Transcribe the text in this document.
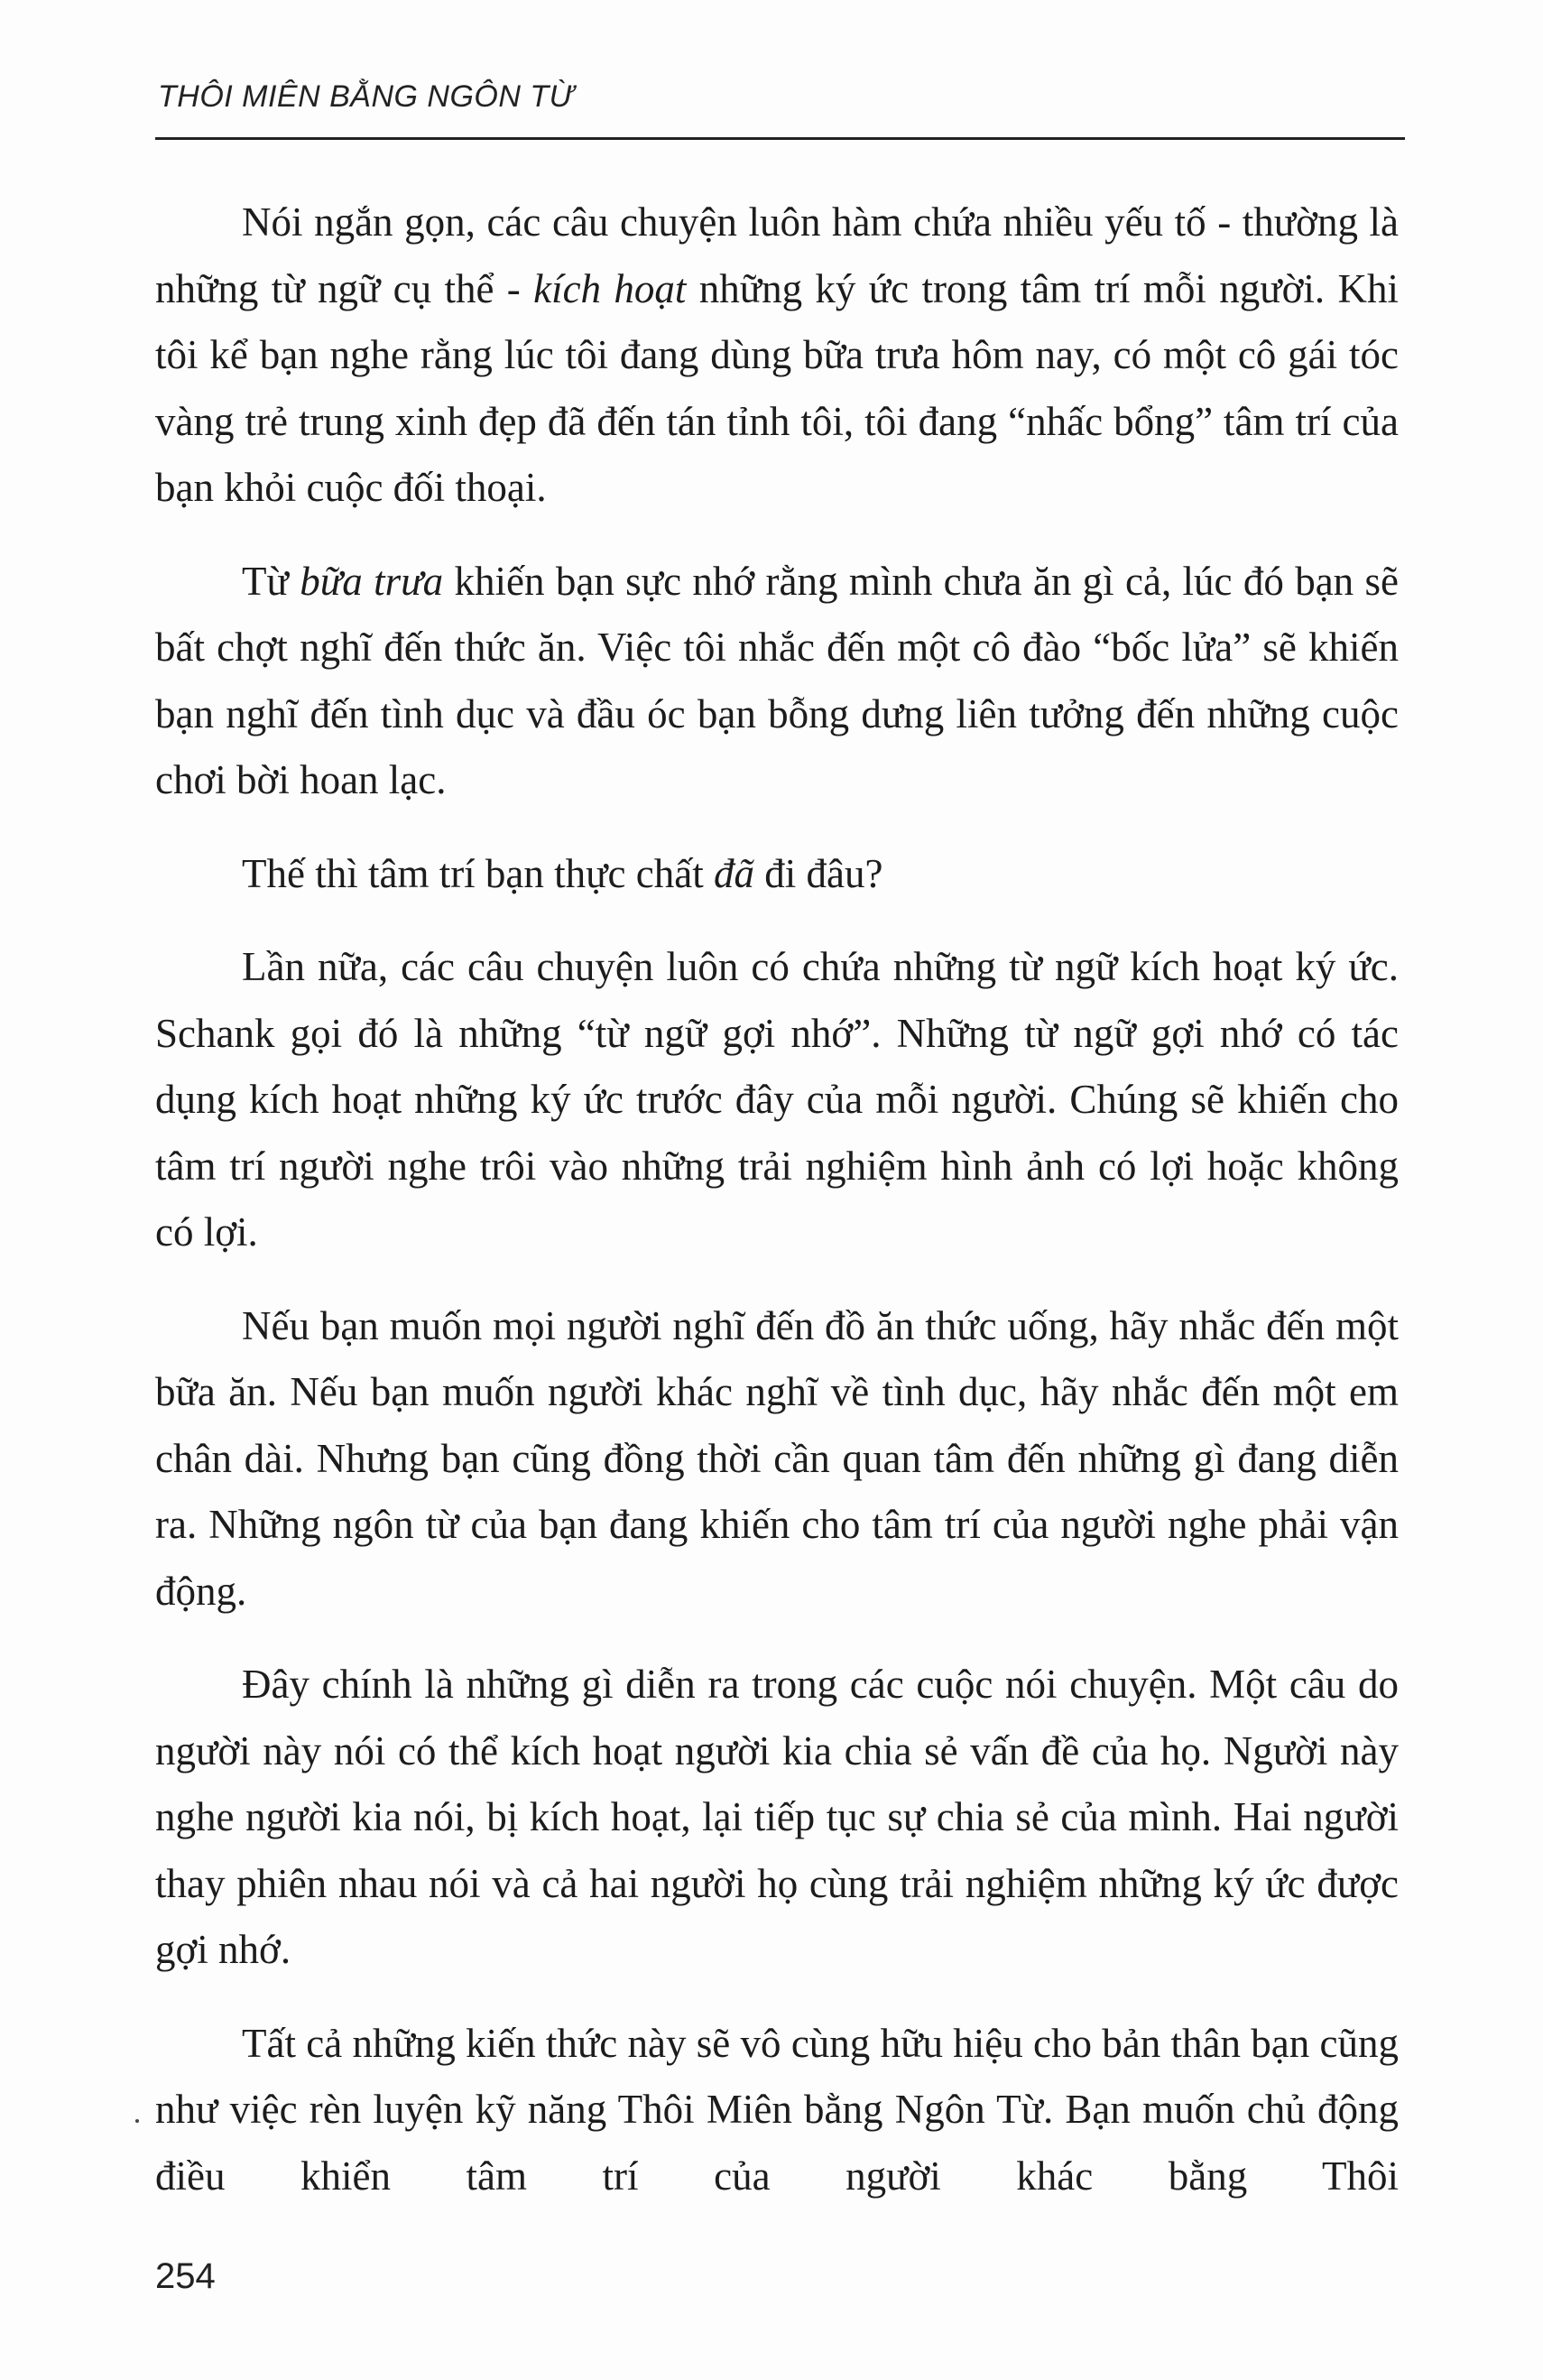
THÔI MIÊN BẰNG NGÔN TỪ

Nói ngắn gọn, các câu chuyện luôn hàm chứa nhiều yếu tố - thường là những từ ngữ cụ thể - kích hoạt những ký ức trong tâm trí mỗi người. Khi tôi kể bạn nghe rằng lúc tôi đang dùng bữa trưa hôm nay, có một cô gái tóc vàng trẻ trung xinh đẹp đã đến tán tỉnh tôi, tôi đang “nhấc bổng” tâm trí của bạn khỏi cuộc đối thoại.

Từ bữa trưa khiến bạn sực nhớ rằng mình chưa ăn gì cả, lúc đó bạn sẽ bất chợt nghĩ đến thức ăn. Việc tôi nhắc đến một cô đào “bốc lửa” sẽ khiến bạn nghĩ đến tình dục và đầu óc bạn bỗng dưng liên tưởng đến những cuộc chơi bời hoan lạc.

Thế thì tâm trí bạn thực chất đã đi đâu?

Lần nữa, các câu chuyện luôn có chứa những từ ngữ kích hoạt ký ức. Schank gọi đó là những “từ ngữ gợi nhớ”. Những từ ngữ gợi nhớ có tác dụng kích hoạt những ký ức trước đây của mỗi người. Chúng sẽ khiến cho tâm trí người nghe trôi vào những trải nghiệm hình ảnh có lợi hoặc không có lợi.

Nếu bạn muốn mọi người nghĩ đến đồ ăn thức uống, hãy nhắc đến một bữa ăn. Nếu bạn muốn người khác nghĩ về tình dục, hãy nhắc đến một em chân dài. Nhưng bạn cũng đồng thời cần quan tâm đến những gì đang diễn ra. Những ngôn từ của bạn đang khiến cho tâm trí của người nghe phải vận động.

Đây chính là những gì diễn ra trong các cuộc nói chuyện. Một câu do người này nói có thể kích hoạt người kia chia sẻ vấn đề của họ. Người này nghe người kia nói, bị kích hoạt, lại tiếp tục sự chia sẻ của mình. Hai người thay phiên nhau nói và cả hai người họ cùng trải nghiệm những ký ức được gợi nhớ.

Tất cả những kiến thức này sẽ vô cùng hữu hiệu cho bản thân bạn cũng như việc rèn luyện kỹ năng Thôi Miên bằng Ngôn Từ. Bạn muốn chủ động điều khiển tâm trí của người khác bằng Thôi

254
